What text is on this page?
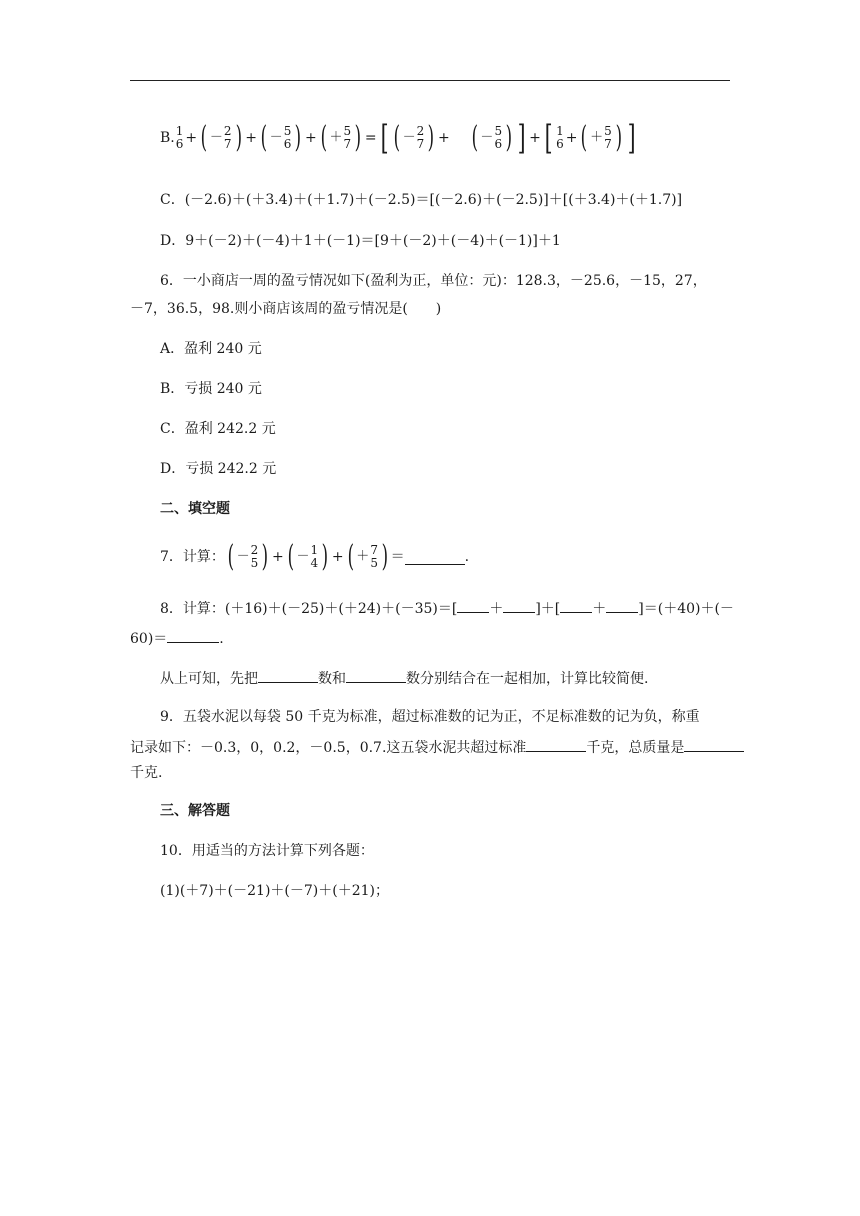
B. 1
6 + ( － 2
7 ) + ( － 5
6 ) + ( ＋ 5
7 ) = [ ( － 2
7 ) + ( － 5
6 ) ] + [ 1
6 + ( ＋ 5
7 ) ]
C．(－2.6)＋(＋3.4)＋(＋1.7)＋(－2.5)＝[(－2.6)＋(－2.5)]＋[(＋3.4)＋(＋1.7)]
D．9＋(－2)＋(－4)＋1＋(－1)＝[9＋(－2)＋(－4)＋(－1)]＋1
6．一小商店一周的盈亏情况如下(盈利为正，单位：元)：128.3，－25.6，－15，27，
－7，36.5，98.则小商店该周的盈亏情况是(　　)
A．盈利 240 元
B．亏损 240 元
C．盈利 242.2 元
D．亏损 242.2 元
二、填空题
7．计算： ( － 2
5 ) + ( － 1
4 ) + ( ＋ 7
5 ) ＝	.
8．计算：(＋16)＋(－25)＋(＋24)＋(－35)＝[ ＋ ]＋[ ＋ ]＝(＋40)＋(－
60)＝	.
从上可知，先把	数和	数分别结合在一起相加，计算比较简便.
9．五袋水泥以每袋 50 千克为标准，超过标准数的记为正，不足标准数的记为负，称重
记录如下：－0.3，0，0.2，－0.5，0.7.这五袋水泥共超过标准	千克，总质量是
千克.
三、解答题
10．用适当的方法计算下列各题：
(1)(＋7)＋(－21)＋(－7)＋(＋21)；
